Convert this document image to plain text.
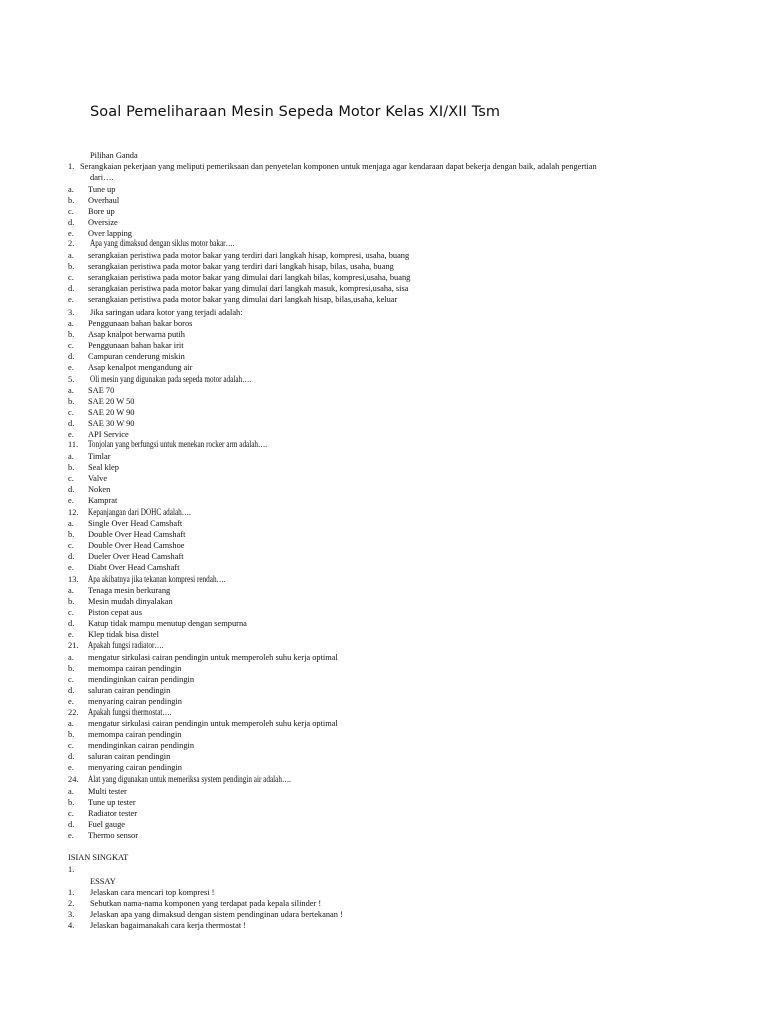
Soal Pemeliharaan Mesin Sepeda Motor Kelas XI/XII Tsm
Pilihan Ganda
1. Serangkaian pekerjaan yang meliputi pemeriksaan dan penyetelan komponen untuk menjaga agar kendaraan dapat bekerja dengan baik, adalah pengertian
dari….
a. Tune up
b. Overhaul
c. Bore up
d. Oversize
e. Over lapping
2. Apa yang dimaksud dengan siklus motor bakar….
a. serangkaian peristiwa pada motor bakar yang terdiri dari langkah hisap, kompresi, usaha, buang
b. serangkaian peristiwa pada motor bakar yang terdiri dari langkah hisap, bilas, usaha, buang
c. serangkaian peristiwa pada motor bakar yang dimulai dari langkah bilas, kompresi,usaha, buang
d. serangkaian peristiwa pada motor bakar yang dimulai dari langkah masuk, kompresi,usaha, sisa
e. serangkaian peristiwa pada motor bakar yang dimulai dari langkah hisap, bilas,usaha, keluar
3. Jika saringan udara kotor yang terjadi adalah:
a. Penggunaan bahan bakar boros
b. Asap knalpot berwarna putih
c. Penggunaan bahan bakar irit
d. Campuran cenderung miskin
e. Asap kenalpot mengandung air
5. Oli mesin yang digunakan pada sepeda motor adalah….
a. SAE 70
b. SAE 20 W 50
c. SAE 20 W 90
d. SAE 30 W 90
e. API Service
11. Tonjolan yang berfungsi untuk menekan rocker arm adalah….
a. Timlar
b. Seal klep
c. Valve
d. Noken
e. Kamprat
12. Kepanjangan dari DOHC adalah….
a. Single Over Head Camshaft
b. Double Over Head Camshaft
c. Double Over Head Camshoe
d. Dueler Over Head Camshaft
e. Diabt Over Head Camshaft
13. Apa akibatnya jika tekanan kompresi rendah….
a. Tenaga mesin berkurang
b. Mesin mudah dinyalakan
c. Piston cepat aus
d. Katup tidak mampu menutup dengan sempurna
e. Klep tidak bisa distel
21. Apakah fungsi radiator….
a. mengatur sirkulasi cairan pendingin untuk memperoleh suhu kerja optimal
b. memompa cairan pendingin
c. mendinginkan cairan pendingin
d. saluran cairan pendingin
e. menyaring cairan pendingin
22. Apakah fungsi thermostat….
a. mengatur sirkulasi cairan pendingin untuk memperoleh suhu kerja optimal
b. memompa cairan pendingin
c. mendinginkan cairan pendingin
d. saluran cairan pendingin
e. menyaring cairan pendingin
24. Alat yang digunakan untuk memeriksa system pendingin air adalah….
a. Multi tester
b. Tune up tester
c. Radiator tester
d. Fuel gauge
e. Thermo sensor
ISIAN SINGKAT
1.
ESSAY
1. Jelaskan cara mencari top kompresi !
2. Sebutkan nama-nama komponen yang terdapat pada kepala silinder !
3. Jelaskan apa yang dimaksud dengan sistem pendinginan udara bertekanan !
4. Jelaskan bagaimanakah cara kerja thermostat !
